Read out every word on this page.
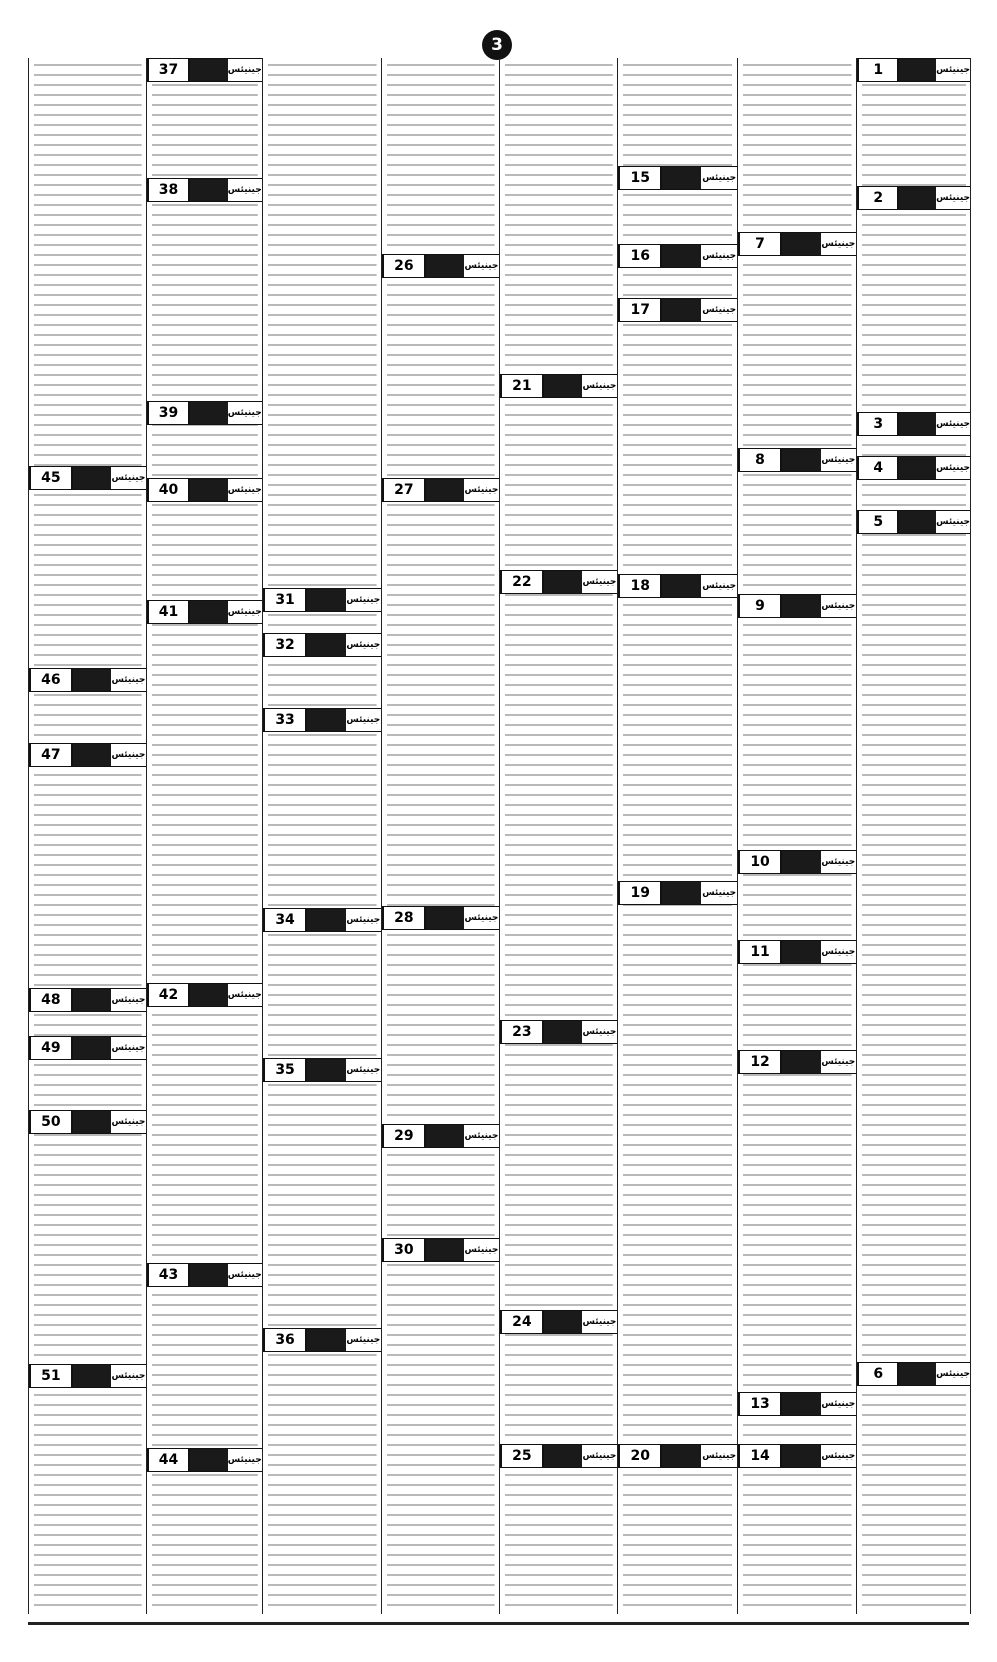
3
1	جینیئس
2	جینیئس
3	جینیئس
4	جینیئس
5	جینیئس
6	جینیئس
7	جینیئس
8	جینیئس
9	جینیئس
10	جینیئس
11	جینیئس
12	جینیئس
13	جینیئس
14	جینیئس
15	جینیئس
16	جینیئس
17	جینیئس
18	جینیئس
19	جینیئس
20	جینیئس
21	جینیئس
22	جینیئس
23	جینیئس
24	جینیئس
25	جینیئس
26	جینیئس
27	جینیئس
28	جینیئس
29	جینیئس
30	جینیئس
31	جینیئس
32	جینیئس
33	جینیئس
34	جینیئس
35	جینیئس
36	جینیئس
37	جینیئس
38	جینیئس
39	جینیئس
40	جینیئس
41	جینیئس
42	جینیئس
43	جینیئس
44	جینیئس
45	جینیئس
46	جینیئس
47	جینیئس
48	جینیئس
49	جینیئس
50	جینیئس
51	جینیئس
